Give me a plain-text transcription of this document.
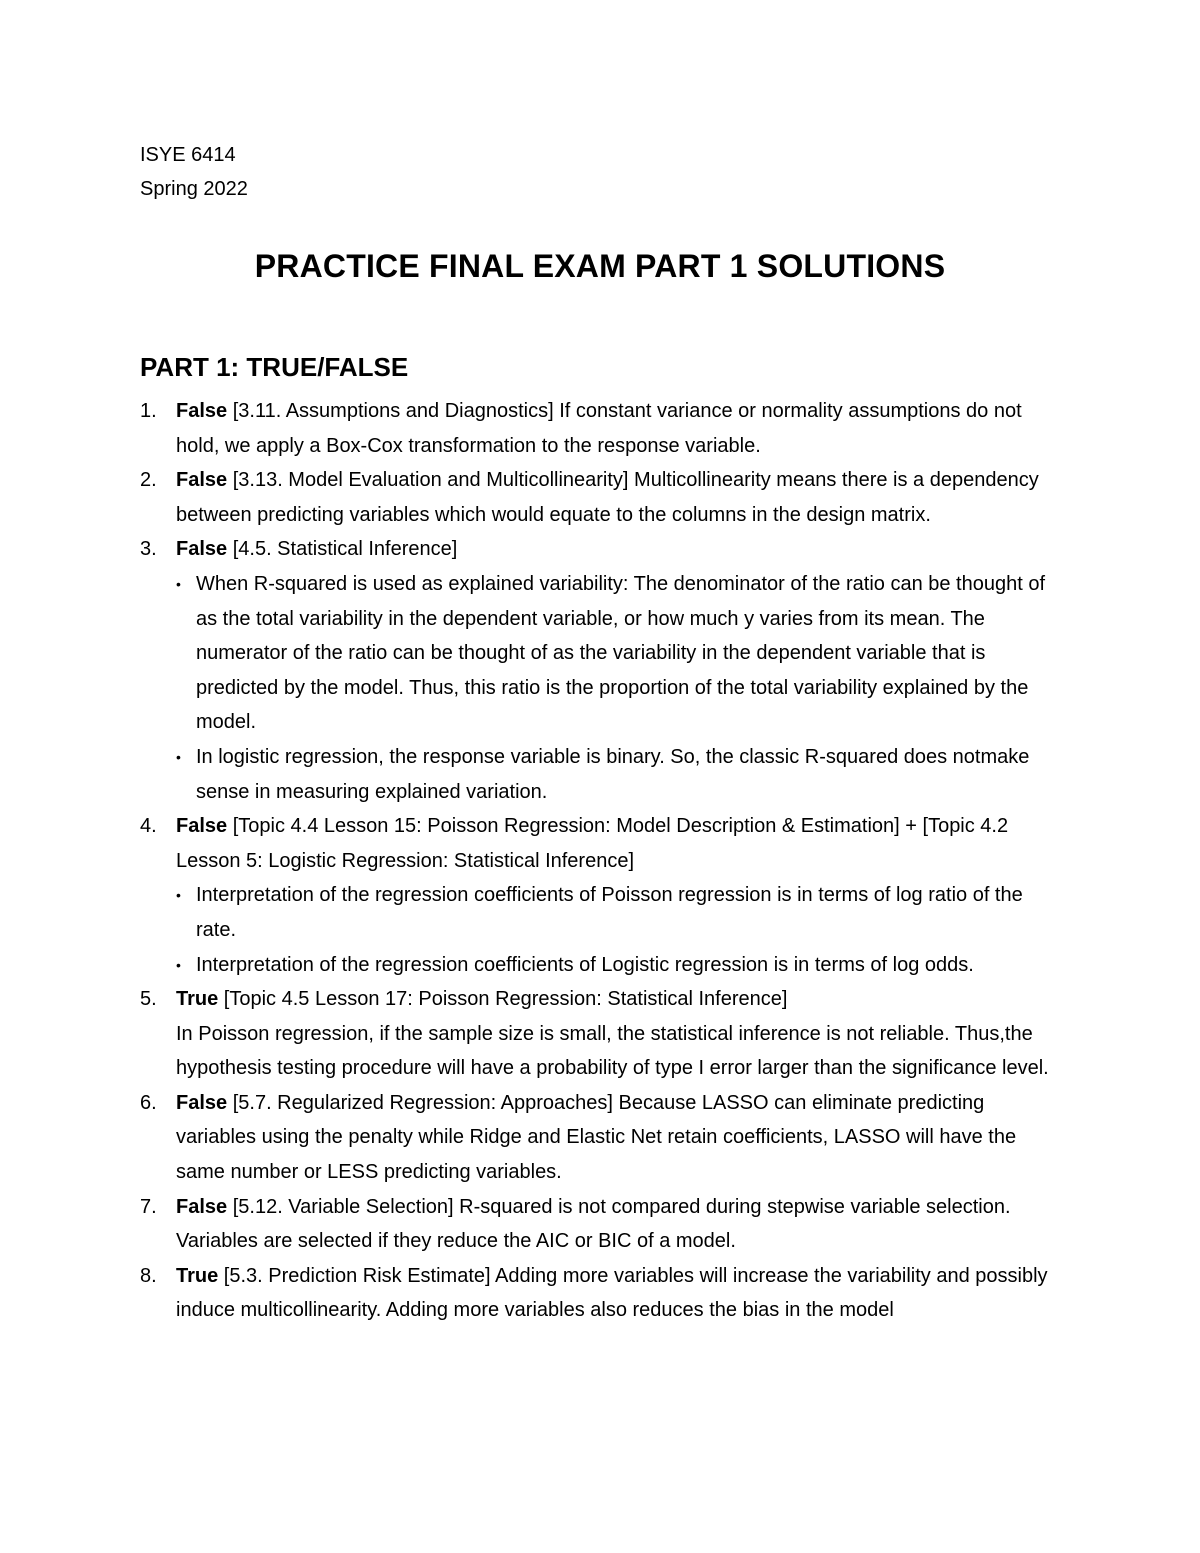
ISYE 6414
Spring 2022
PRACTICE FINAL EXAM PART 1 SOLUTIONS
PART 1: TRUE/FALSE
1. False [3.11. Assumptions and Diagnostics] If constant variance or normality assumptions do not hold, we apply a Box-Cox transformation to the response variable.
2. False [3.13. Model Evaluation and Multicollinearity] Multicollinearity means there is a dependency between predicting variables which would equate to the columns in the design matrix.
3. False [4.5. Statistical Inference]
• When R-squared is used as explained variability: The denominator of the ratio can be thought of as the total variability in the dependent variable, or how much y varies from its mean. The numerator of the ratio can be thought of as the variability in the dependent variable that is predicted by the model. Thus, this ratio is the proportion of the total variability explained by the model.
• In logistic regression, the response variable is binary. So, the classic R-squared does notmake sense in measuring explained variation.
4. False [Topic 4.4 Lesson 15: Poisson Regression: Model Description & Estimation] + [Topic 4.2 Lesson 5: Logistic Regression: Statistical Inference]
• Interpretation of the regression coefficients of Poisson regression is in terms of log ratio of the rate.
• Interpretation of the regression coefficients of Logistic regression is in terms of log odds.
5. True [Topic 4.5 Lesson 17: Poisson Regression: Statistical Inference]
In Poisson regression, if the sample size is small, the statistical inference is not reliable. Thus,the hypothesis testing procedure will have a probability of type I error larger than the significance level.
6. False [5.7. Regularized Regression: Approaches] Because LASSO can eliminate predicting variables using the penalty while Ridge and Elastic Net retain coefficients, LASSO will have the same number or LESS predicting variables.
7. False [5.12. Variable Selection] R-squared is not compared during stepwise variable selection. Variables are selected if they reduce the AIC or BIC of a model.
8. True [5.3. Prediction Risk Estimate] Adding more variables will increase the variability and possibly induce multicollinearity. Adding more variables also reduces the bias in the model
